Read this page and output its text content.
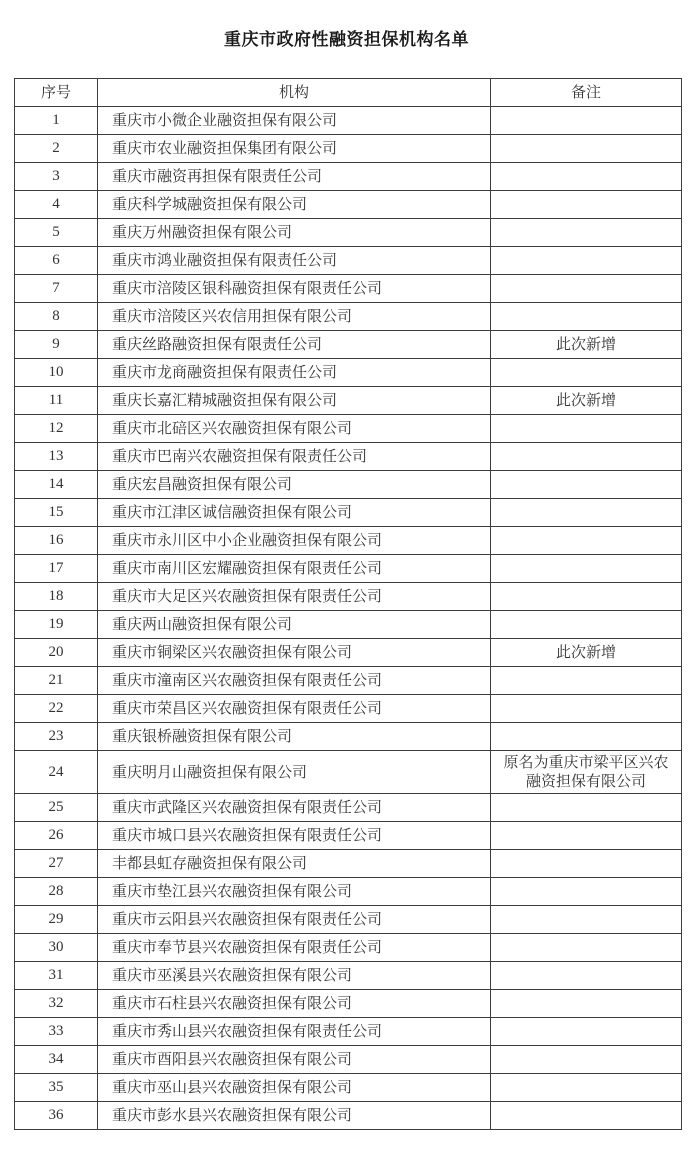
重庆市政府性融资担保机构名单
序号	机构	备注
1	重庆市小微企业融资担保有限公司	
2	重庆市农业融资担保集团有限公司	
3	重庆市融资再担保有限责任公司	
4	重庆科学城融资担保有限公司	
5	重庆万州融资担保有限公司	
6	重庆市鸿业融资担保有限责任公司	
7	重庆市涪陵区银科融资担保有限责任公司	
8	重庆市涪陵区兴农信用担保有限公司	
9	重庆丝路融资担保有限责任公司	此次新增
10	重庆市龙商融资担保有限责任公司	
11	重庆长嘉汇精城融资担保有限公司	此次新增
12	重庆市北碚区兴农融资担保有限公司	
13	重庆市巴南兴农融资担保有限责任公司	
14	重庆宏昌融资担保有限公司	
15	重庆市江津区诚信融资担保有限公司	
16	重庆市永川区中小企业融资担保有限公司	
17	重庆市南川区宏耀融资担保有限责任公司	
18	重庆市大足区兴农融资担保有限责任公司	
19	重庆两山融资担保有限公司	
20	重庆市铜梁区兴农融资担保有限公司	此次新增
21	重庆市潼南区兴农融资担保有限责任公司	
22	重庆市荣昌区兴农融资担保有限责任公司	
23	重庆银桥融资担保有限公司	
24	重庆明月山融资担保有限公司	原名为重庆市梁平区兴农融资担保有限公司
25	重庆市武隆区兴农融资担保有限责任公司	
26	重庆市城口县兴农融资担保有限责任公司	
27	丰都县虹存融资担保有限公司	
28	重庆市垫江县兴农融资担保有限公司	
29	重庆市云阳县兴农融资担保有限责任公司	
30	重庆市奉节县兴农融资担保有限责任公司	
31	重庆市巫溪县兴农融资担保有限公司	
32	重庆市石柱县兴农融资担保有限公司	
33	重庆市秀山县兴农融资担保有限责任公司	
34	重庆市酉阳县兴农融资担保有限公司	
35	重庆市巫山县兴农融资担保有限公司	
36	重庆市彭水县兴农融资担保有限公司	
